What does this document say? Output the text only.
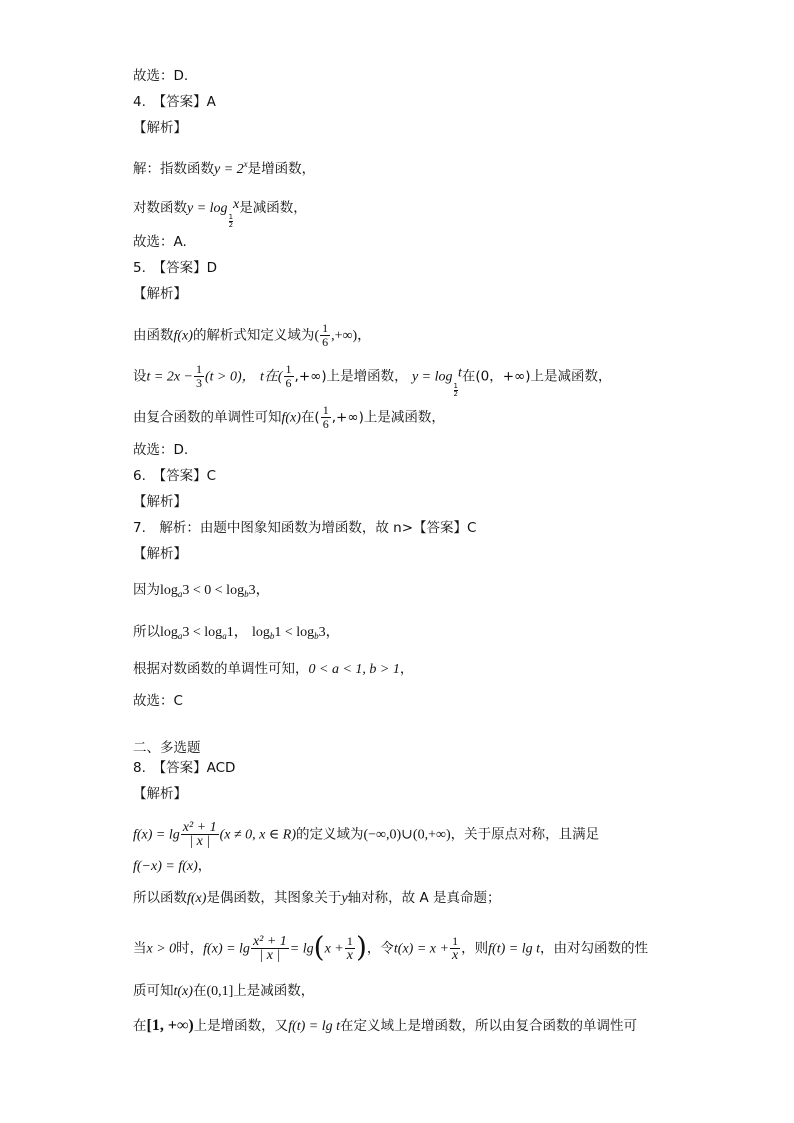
故选：D.
4.　【答案】A
【解析】
解：指数函数$y = 2^x$是增函数，
对数函数y = log
$\frac{1}{2}$
x是减函数，
故选：A.
5.　【答案】D
【解析】
由函数f(x)的解析式知定义域为( $\frac{1}{6}$ ,+∞)，
设$t = 2x - \frac{1}{3} (t > 0)$， t在( $\frac{1}{6}$ ,+∞)上是增函数， y = log
$\frac{1}{2}$
t在(0，+∞)上是减函数，
由复合函数的单调性可知f(x)在( $\frac{1}{6}$ ,+∞)上是减函数，
故选：D.
6.　【答案】C
【解析】
7.　解析：由题中图象知函数为增函数，故 n>【答案】C
【解析】
因为$\log_a3 < 0 < \log_b3$，
所以$\log_a3 < \log_a1$， $\log_b1 < \log_b3$，
根据对数函数的单调性可知，0 < a < 1, b > 1，
故选：C
二、多选题
8.　【答案】ACD
【解析】
$f(x) = \lg \frac{\text{x² + 1}}{| x |} (x \ne 0$, x ∈ R)的定义域为(−∞,0)∪(0,+∞)，关于原点对称，且满足
f(−x) = f(x)，
所以函数f(x)是偶函数，其图象关于y轴对称，故 A 是真命题；
当x > 0时，$f(x) = \lg \frac{\text{x² + 1}}{| x |} = \lg(x + \frac{1}{x}$ )，令$t(x) = x + \frac{1}{x}$ ，则f(t) = lg t，由对勾函数的性
质可知t(x)在(0,1]上是减函数，
在[1, +∞)上是增函数，又f(t) = lg t在定义域上是增函数，所以由复合函数的单调性可
